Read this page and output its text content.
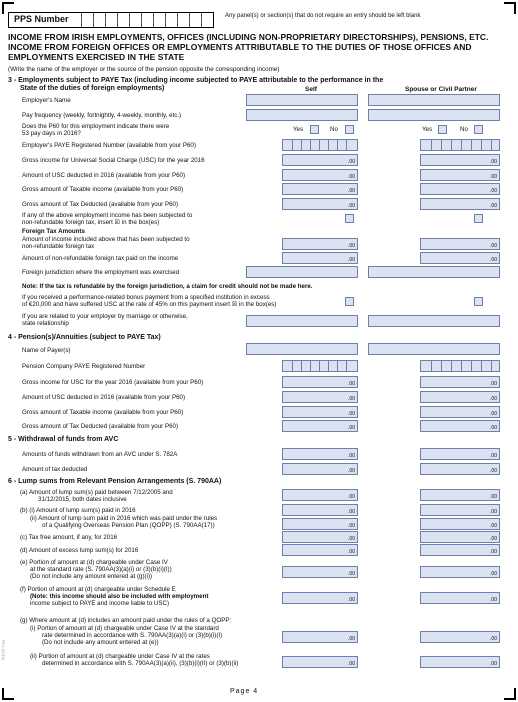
PPS Number	Any panel(s) or section(s) that do not require an entry should be left blank
INCOME FROM IRISH EMPLOYMENTS, OFFICES (INCLUDING NON-PROPRIETARY DIRECTORSHIPS), PENSIONS, ETC. INCOME FROM FOREIGN OFFICES OR EMPLOYMENTS ATTRIBUTABLE TO THE DUTIES OF THOSE OFFICES AND EMPLOYMENTS EXERCISED IN THE STATE
(Write the name of the employer or the source of the pension opposite the corresponding income)
3 - Employments subject to PAYE Tax (including income subjected to PAYE attributable to the performance in the
State of the duties of foreign employments)	Self	Spouse or Civil Partner
Employer's Name
Pay frequency (weekly, fortnightly, 4-weekly, monthly, etc.)
Does the P60 for this employment indicate there were
53 pay days in 2016?
Yes	No	Yes	No
Employer's PAYE Registered Number (available from your P60)
Gross income for Universal Social Charge (USC) for the year 2016	.00	.00
Amount of USC deducted in 2016 (available from your P60)	.00	.00
Gross amount of Taxable income (available from your P60)	.00	.00
Gross amount of Tax Deducted (available from your P60)	.00	.00
If any of the above employment income has been subjected to
non-refundable foreign tax, insert ☒ in the box(es)
Foreign Tax Amounts
Amount of income included above that has been subjected to
non-refundable foreign tax	.00	.00
Amount of non-refundable foreign tax paid on the income	.00	.00
Foreign jurisdiction where the employment was exercised
Note: If the tax is refundable by the foreign jurisdiction, a claim for credit should not be made here.
If you received a performance-related bonus payment from a specified institution in excess
of €20,000 and have suffered USC at the rate of 45% on this payment insert ☒ in the box(es)
If you are related to your employer by marriage or otherwise,
state relationship
4 - Pension(s)/Annuities (subject to PAYE Tax)
Name of Payer(s)
Pension Company PAYE Registered Number
Gross income for USC for the year 2016 (available from your P60)	.00	.00
Amount of USC deducted in 2016 (available from your P60)	.00	.00
Gross amount of Taxable income (available from your P60)	.00	.00
Gross amount of Tax Deducted (available from your P60)	.00	.00
5 - Withdrawal of funds from AVC
Amounts of funds withdrawn from an AVC under S. 782A	.00	.00
Amount of tax deducted	.00	.00
6 - Lump sums from Relevant Pension Arrangements (S. 790AA)
(a) Amount of lump sum(s) paid between 7/12/2005 and
31/12/2015, both dates inclusive	.00	.00
(b) (i) Amount of lump sum(s) paid in 2016	.00	.00
(ii) Amount of lump sum paid in 2016 which was paid under the rules
of a Qualifying Overseas Pension Plan (QOPP) (S. 790AA(17))	.00	.00
(c) Tax free amount, if any, for 2016	.00	.00
(d) Amount of excess lump sum(s) for 2016	.00	.00
(e) Portion of amount at (d) chargeable under Case IV
at the standard rate (S. 790AA(3)(a)(i) or (3)(b)(i)(I))
(Do not include any amount entered at (g)(i))	.00	.00
(f) Portion of amount at (d) chargeable under Schedule E
(Note: this income should also be included with employment
income subject to PAYE and income liable to USC)	.00	.00
(g) Where amount at (d) includes an amount paid under the rules of a QOPP:
(i) Portion of amount at (d) chargeable under Case IV at the standard
rate determined in accordance with S. 790AA(3)(a)(i) or (3)(b)(i)(I)
(Do not include any amount entered at (e))	.00	.00
(ii) Portion of amount at (d) chargeable under Case IV at the rates
determined in accordance with S. 790AA(3)(a)(ii), (3)(b)(i)(II) or (3)(b)(ii)	.00	.00
RF1 (2016)
Page 4
